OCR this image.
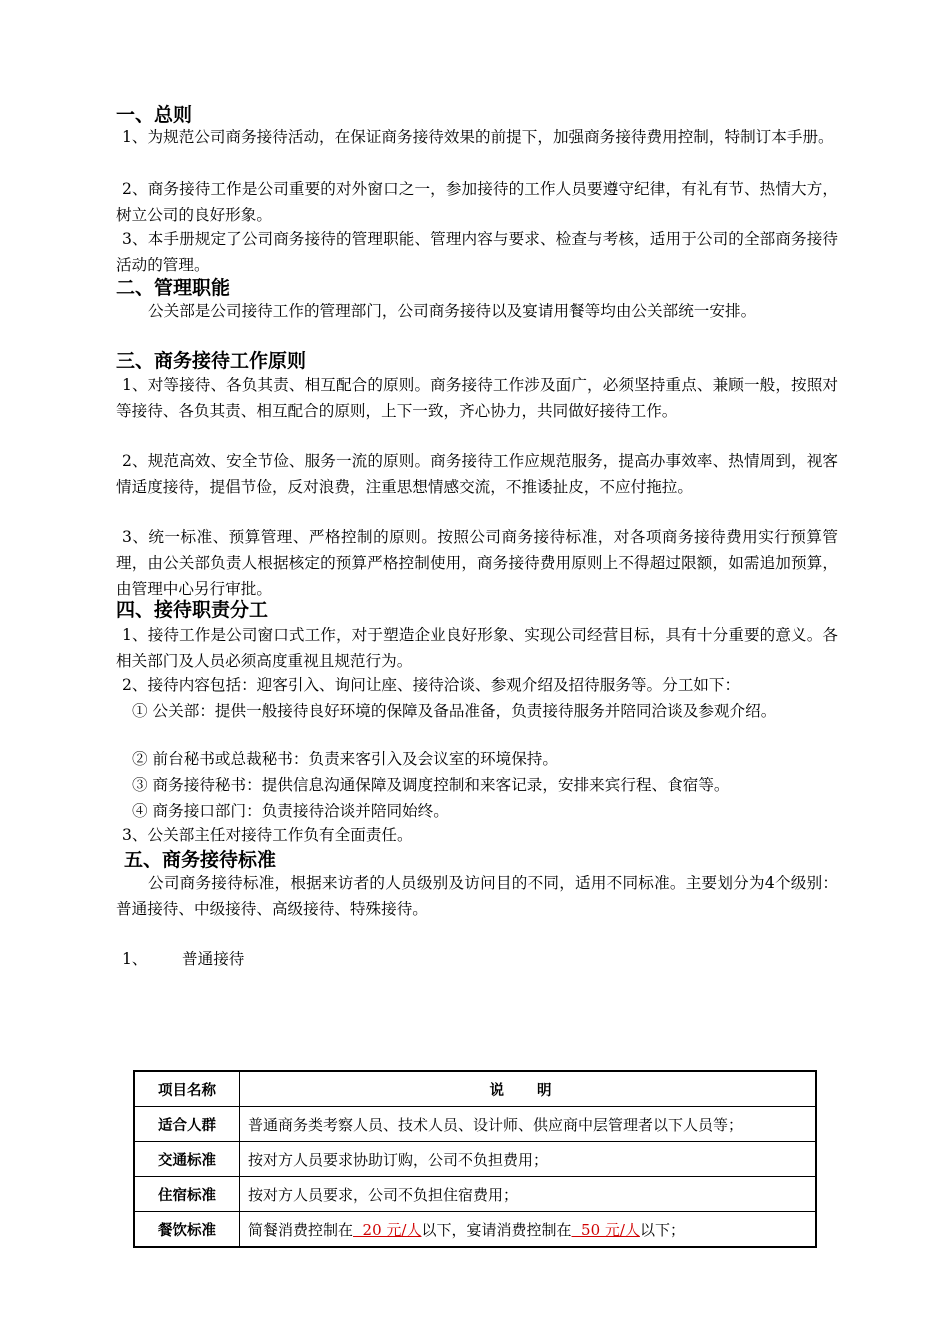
一、总则

1、为规范公司商务接待活动，在保证商务接待效果的前提下，加强商务接待费用控制，特制订本手册。

2、商务接待工作是公司重要的对外窗口之一，参加接待的工作人员要遵守纪律，有礼有节、热情大方，树立公司的良好形象。

3、本手册规定了公司商务接待的管理职能、管理内容与要求、检查与考核，适用于公司的全部商务接待活动的管理。

二、管理职能

公关部是公司接待工作的管理部门，公司商务接待以及宴请用餐等均由公关部统一安排。

三、商务接待工作原则

1、对等接待、各负其责、相互配合的原则。商务接待工作涉及面广，必须坚持重点、兼顾一般，按照对等接待、各负其责、相互配合的原则，上下一致，齐心协力，共同做好接待工作。

2、规范高效、安全节俭、服务一流的原则。商务接待工作应规范服务，提高办事效率、热情周到，视客情适度接待，提倡节俭，反对浪费，注重思想情感交流，不推诿扯皮，不应付拖拉。

3、统一标准、预算管理、严格控制的原则。按照公司商务接待标准，对各项商务接待费用实行预算管理，由公关部负责人根据核定的预算严格控制使用，商务接待费用原则上不得超过限额，如需追加预算，由管理中心另行审批。

四、接待职责分工

1、接待工作是公司窗口式工作，对于塑造企业良好形象、实现公司经营目标，具有十分重要的意义。各相关部门及人员必须高度重视且规范行为。

2、接待内容包括：迎客引入、询问让座、接待洽谈、参观介绍及招待服务等。分工如下：

① 公关部：提供一般接待良好环境的保障及备品准备，负责接待服务并陪同洽谈及参观介绍。

② 前台秘书或总裁秘书：负责来客引入及会议室的环境保持。

③ 商务接待秘书：提供信息沟通保障及调度控制和来客记录，安排来宾行程、食宿等。

④ 商务接口部门：负责接待洽谈并陪同始终。

3、公关部主任对接待工作负有全面责任。

五、商务接待标准

公司商务接待标准，根据来访者的人员级别及访问目的不同，适用不同标准。主要划分为4个级别：普通接待、中级接待、高级接待、特殊接待。

1、 普通接待

项目名称	说 明
适合人群	普通商务类考察人员、技术人员、设计师、供应商中层管理者以下人员等；
交通标准	按对方人员要求协助订购，公司不负担费用；
住宿标准	按对方人员要求，公司不负担住宿费用；
餐饮标准	简餐消费控制在  20 元/人以下，宴请消费控制在  50 元/人以下；
